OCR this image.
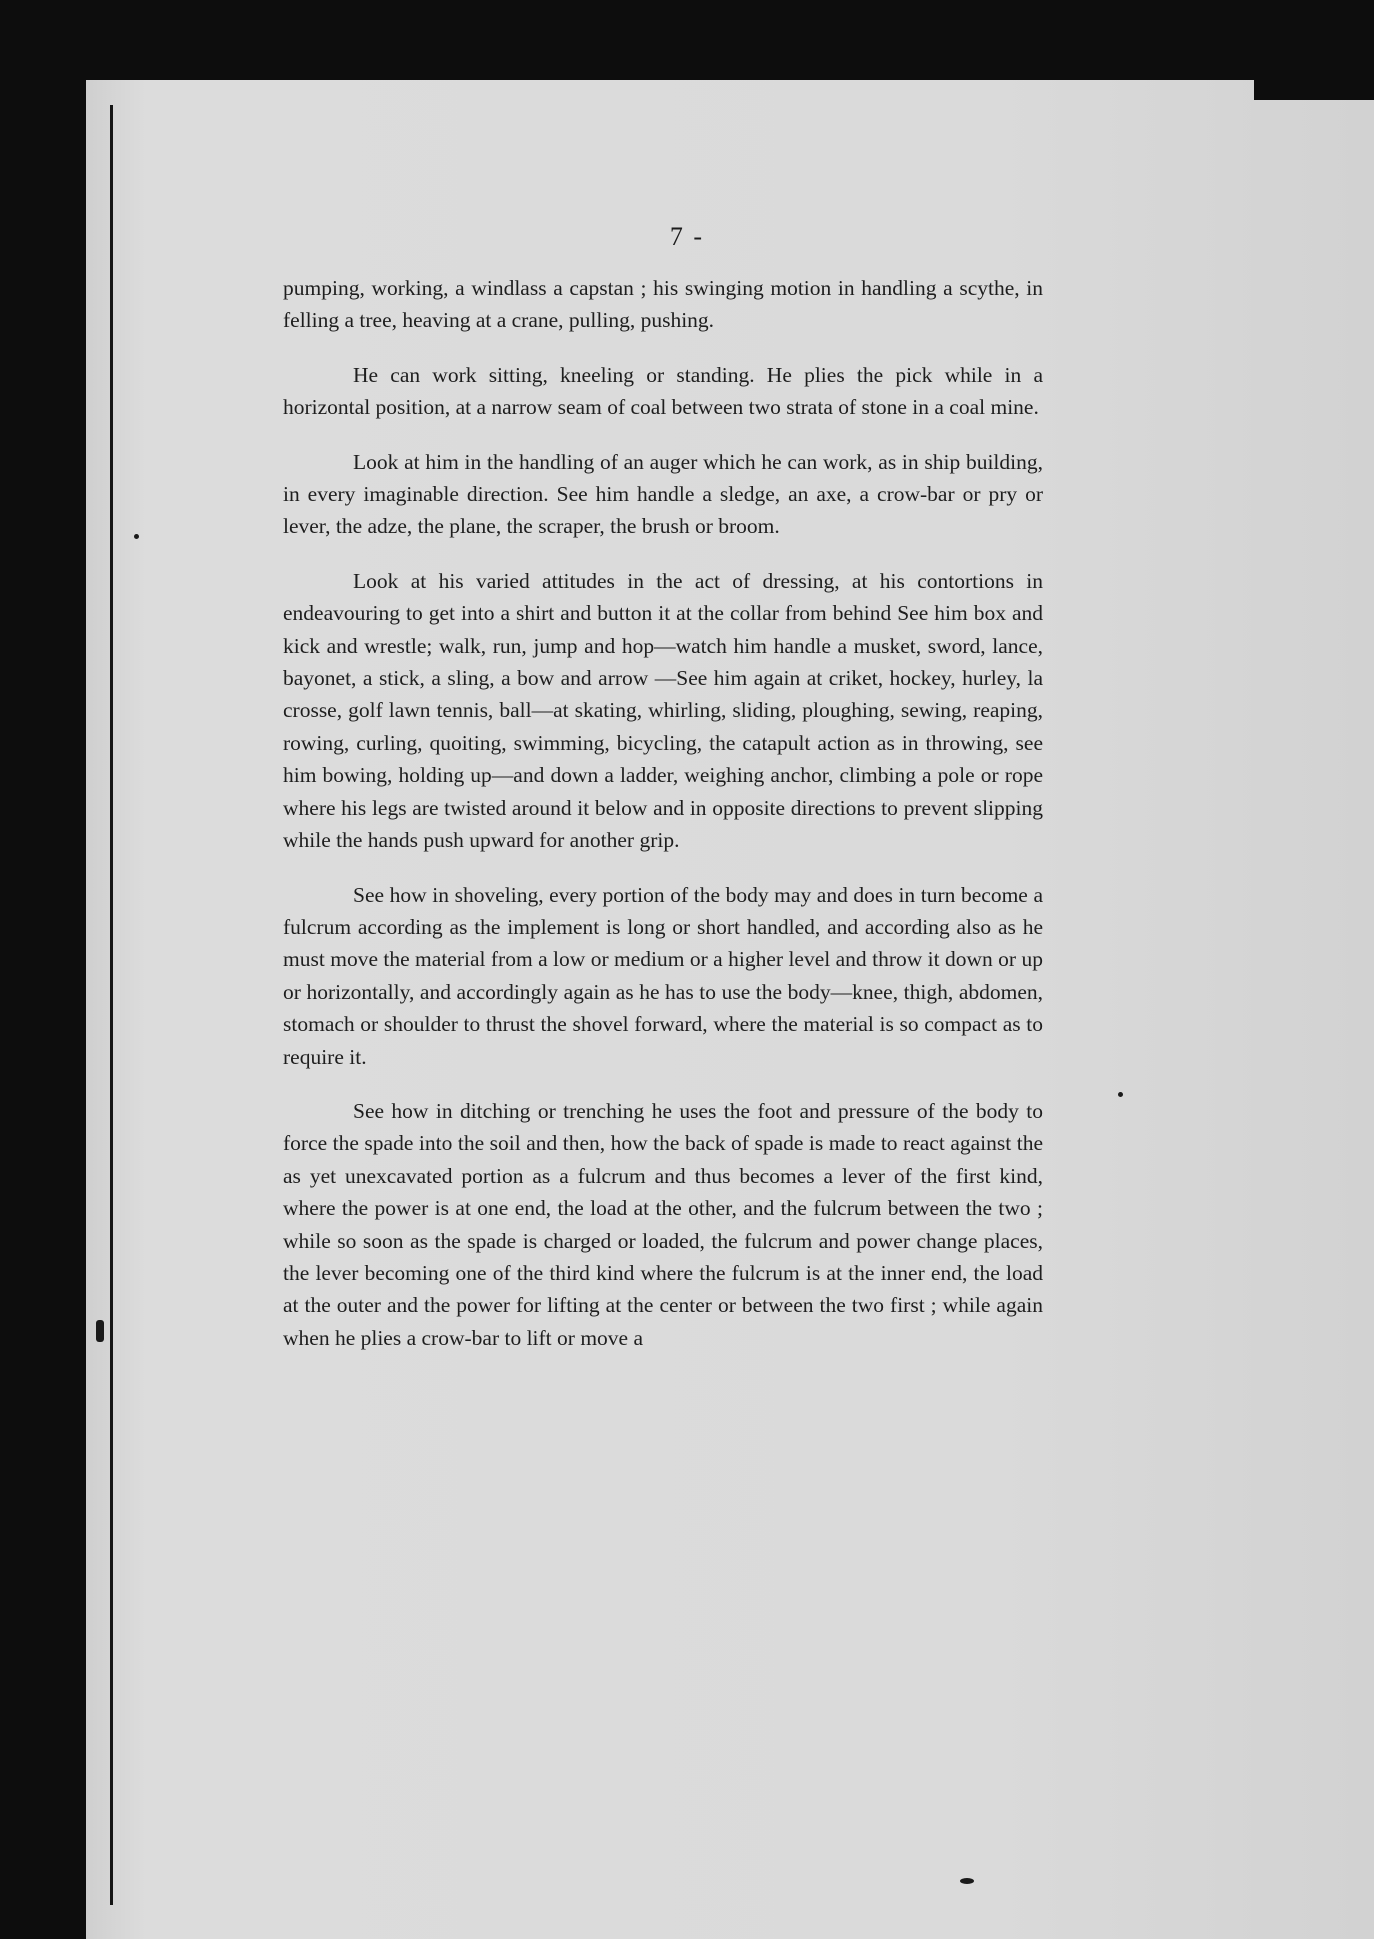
7 -

pumping, working, a windlass a capstan ; his swinging motion in handling a scythe, in felling a tree, heaving at a crane, pulling, pushing.

He can work sitting, kneeling or standing. He plies the pick while in a horizontal position, at a narrow seam of coal between two strata of stone in a coal mine.

Look at him in the handling of an auger which he can work, as in ship building, in every imaginable direction. See him handle a sledge, an axe, a crow-bar or pry or lever, the adze, the plane, the scraper, the brush or broom.

Look at his varied attitudes in the act of dressing, at his contortions in endeavouring to get into a shirt and button it at the collar from behind See him box and kick and wrestle; walk, run, jump and hop—watch him handle a musket, sword, lance, bayonet, a stick, a sling, a bow and arrow —See him again at criket, hockey, hurley, la crosse, golf lawn tennis, ball—at skating, whirling, sliding, ploughing, sewing, reaping, rowing, curling, quoiting, swimming, bicycling, the catapult action as in throwing, see him bowing, holding up—and down a ladder, weighing anchor, climbing a pole or rope where his legs are twisted around it below and in opposite directions to prevent slipping while the hands push upward for another grip.

See how in shoveling, every portion of the body may and does in turn become a fulcrum according as the implement is long or short handled, and according also as he must move the material from a low or medium or a higher level and throw it down or up or horizontally, and accordingly again as he has to use the body—knee, thigh, abdomen, stomach or shoulder to thrust the shovel forward, where the material is so compact as to require it.

See how in ditching or trenching he uses the foot and pressure of the body to force the spade into the soil and then, how the back of spade is made to react against the as yet unexcavated portion as a fulcrum and thus becomes a lever of the first kind, where the power is at one end, the load at the other, and the fulcrum between the two ; while so soon as the spade is charged or loaded, the fulcrum and power change places, the lever becoming one of the third kind where the fulcrum is at the inner end, the load at the outer and the power for lifting at the center or between the two first ; while again when he plies a crow-bar to lift or move a
